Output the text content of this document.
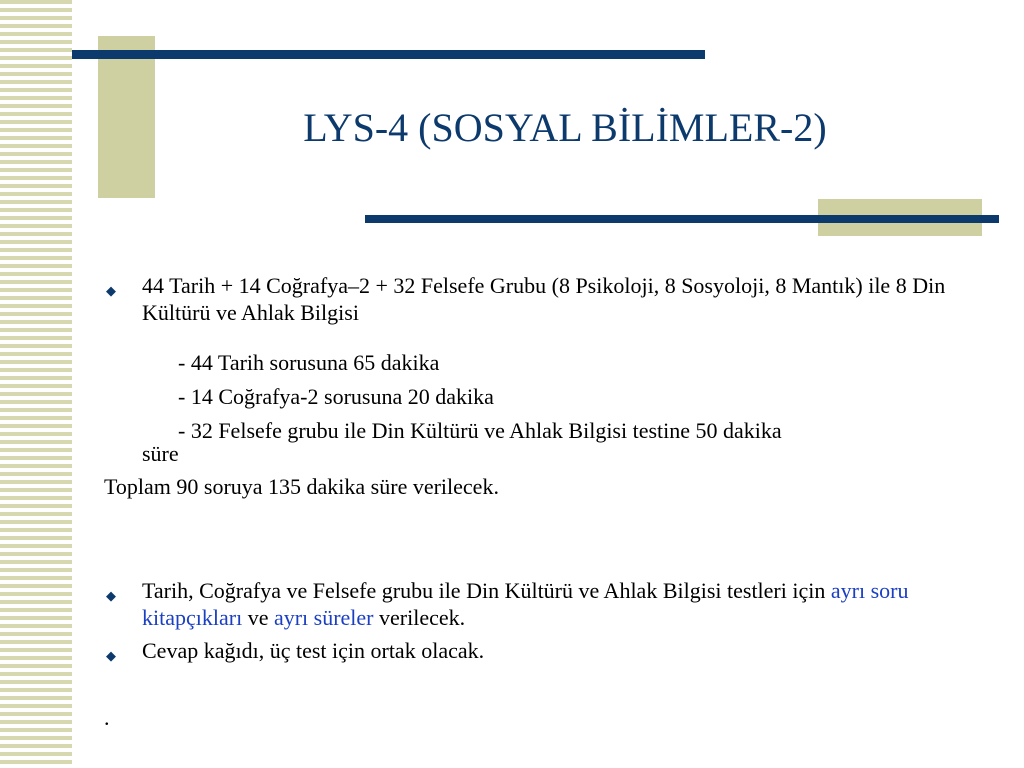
LYS-4 (SOSYAL BİLİMLER-2)
◆ 44 Tarih + 14 Coğrafya–2 + 32 Felsefe Grubu (8 Psikoloji, 8 Sosyoloji, 8 Mantık) ile 8 Din Kültürü ve Ahlak Bilgisi
- 44 Tarih sorusuna 65 dakika
- 14 Coğrafya-2 sorusuna 20 dakika
- 32 Felsefe grubu ile Din Kültürü ve Ahlak Bilgisi testine 50 dakika
süre
Toplam 90 soruya 135 dakika süre verilecek.
◆ Tarih, Coğrafya ve Felsefe grubu ile Din Kültürü ve Ahlak Bilgisi testleri için ayrı soru kitapçıkları ve ayrı süreler verilecek.
◆ Cevap kağıdı, üç test için ortak olacak.
.
